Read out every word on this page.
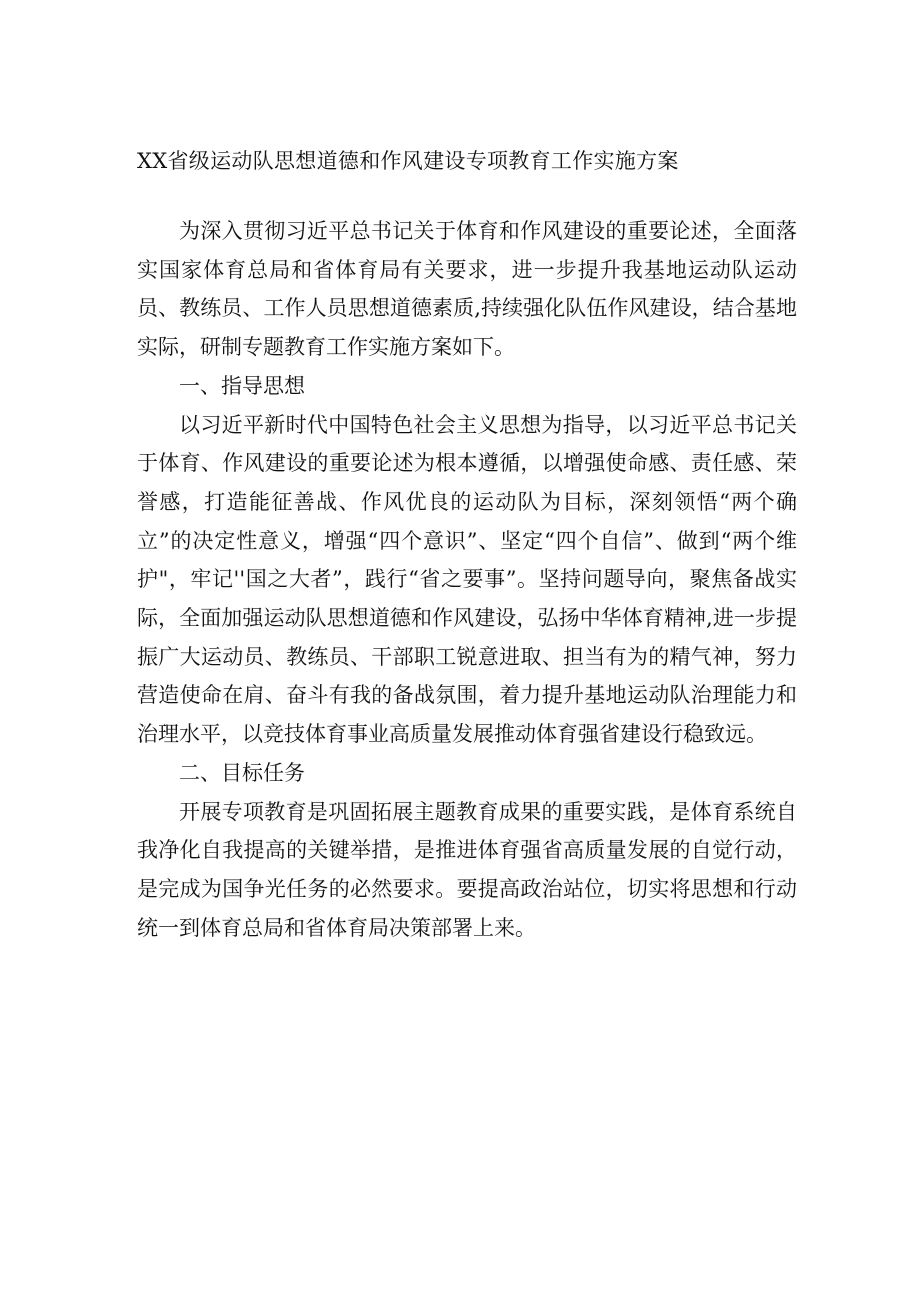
XX省级运动队思想道德和作风建设专项教育工作实施方案

为深入贯彻习近平总书记关于体育和作风建设的重要论述，全面落实国家体育总局和省体育局有关要求，进一步提升我基地运动队运动员、教练员、工作人员思想道德素质,持续强化队伍作风建设，结合基地实际，研制专题教育工作实施方案如下。

一、指导思想

以习近平新时代中国特色社会主义思想为指导，以习近平总书记关于体育、作风建设的重要论述为根本遵循，以增强使命感、责任感、荣誉感，打造能征善战、作风优良的运动队为目标，深刻领悟“两个确立”的决定性意义，增强“四个意识”、坚定“四个自信”、做到“两个维护"，牢记''国之大者”，践行“省之要事”。坚持问题导向，聚焦备战实际，全面加强运动队思想道德和作风建设，弘扬中华体育精神,进一步提振广大运动员、教练员、干部职工锐意进取、担当有为的精气神，努力营造使命在肩、奋斗有我的备战氛围，着力提升基地运动队治理能力和治理水平，以竞技体育事业高质量发展推动体育强省建设行稳致远。

二、目标任务

开展专项教育是巩固拓展主题教育成果的重要实践，是体育系统自我净化自我提高的关键举措，是推进体育强省高质量发展的自觉行动，是完成为国争光任务的必然要求。要提高政治站位，切实将思想和行动统一到体育总局和省体育局决策部署上来。
